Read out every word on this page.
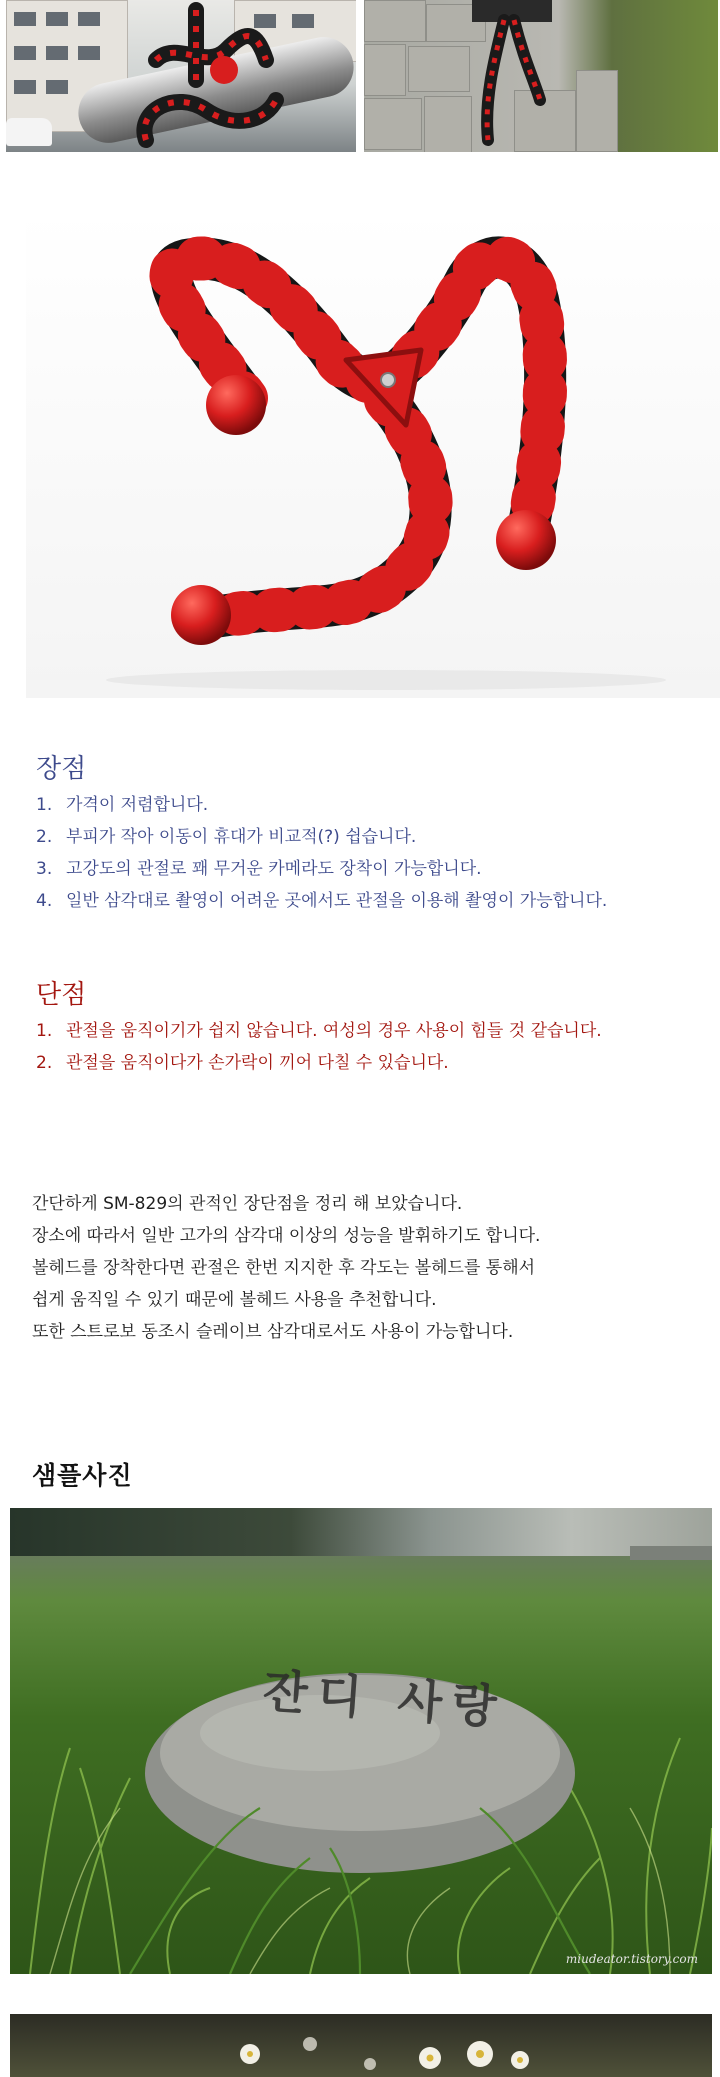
장점
1. 가격이 저렴합니다.
2. 부피가 작아 이동이 휴대가 비교적(?) 쉽습니다.
3. 고강도의 관절로 꽤 무거운 카메라도 장착이 가능합니다.
4. 일반 삼각대로 촬영이 어려운 곳에서도 관절을 이용해 촬영이 가능합니다.
단점
1. 관절을 움직이기가 쉽지 않습니다. 여성의 경우 사용이 힘들 것 같습니다.
2. 관절을 움직이다가 손가락이 끼어 다칠 수 있습니다.
간단하게 SM-829의 관적인 장단점을 정리 해 보았습니다.
장소에 따라서 일반 고가의 삼각대 이상의 성능을 발휘하기도 합니다.
볼헤드를 장착한다면 관절은 한번 지지한 후 각도는 볼헤드를 통해서
쉽게 움직일 수 있기 때문에 볼헤드 사용을 추천합니다.
또한 스트로보 동조시 슬레이브 삼각대로서도 사용이 가능합니다.
샘플사진
잔디 사랑
miudeator.tistory.com
